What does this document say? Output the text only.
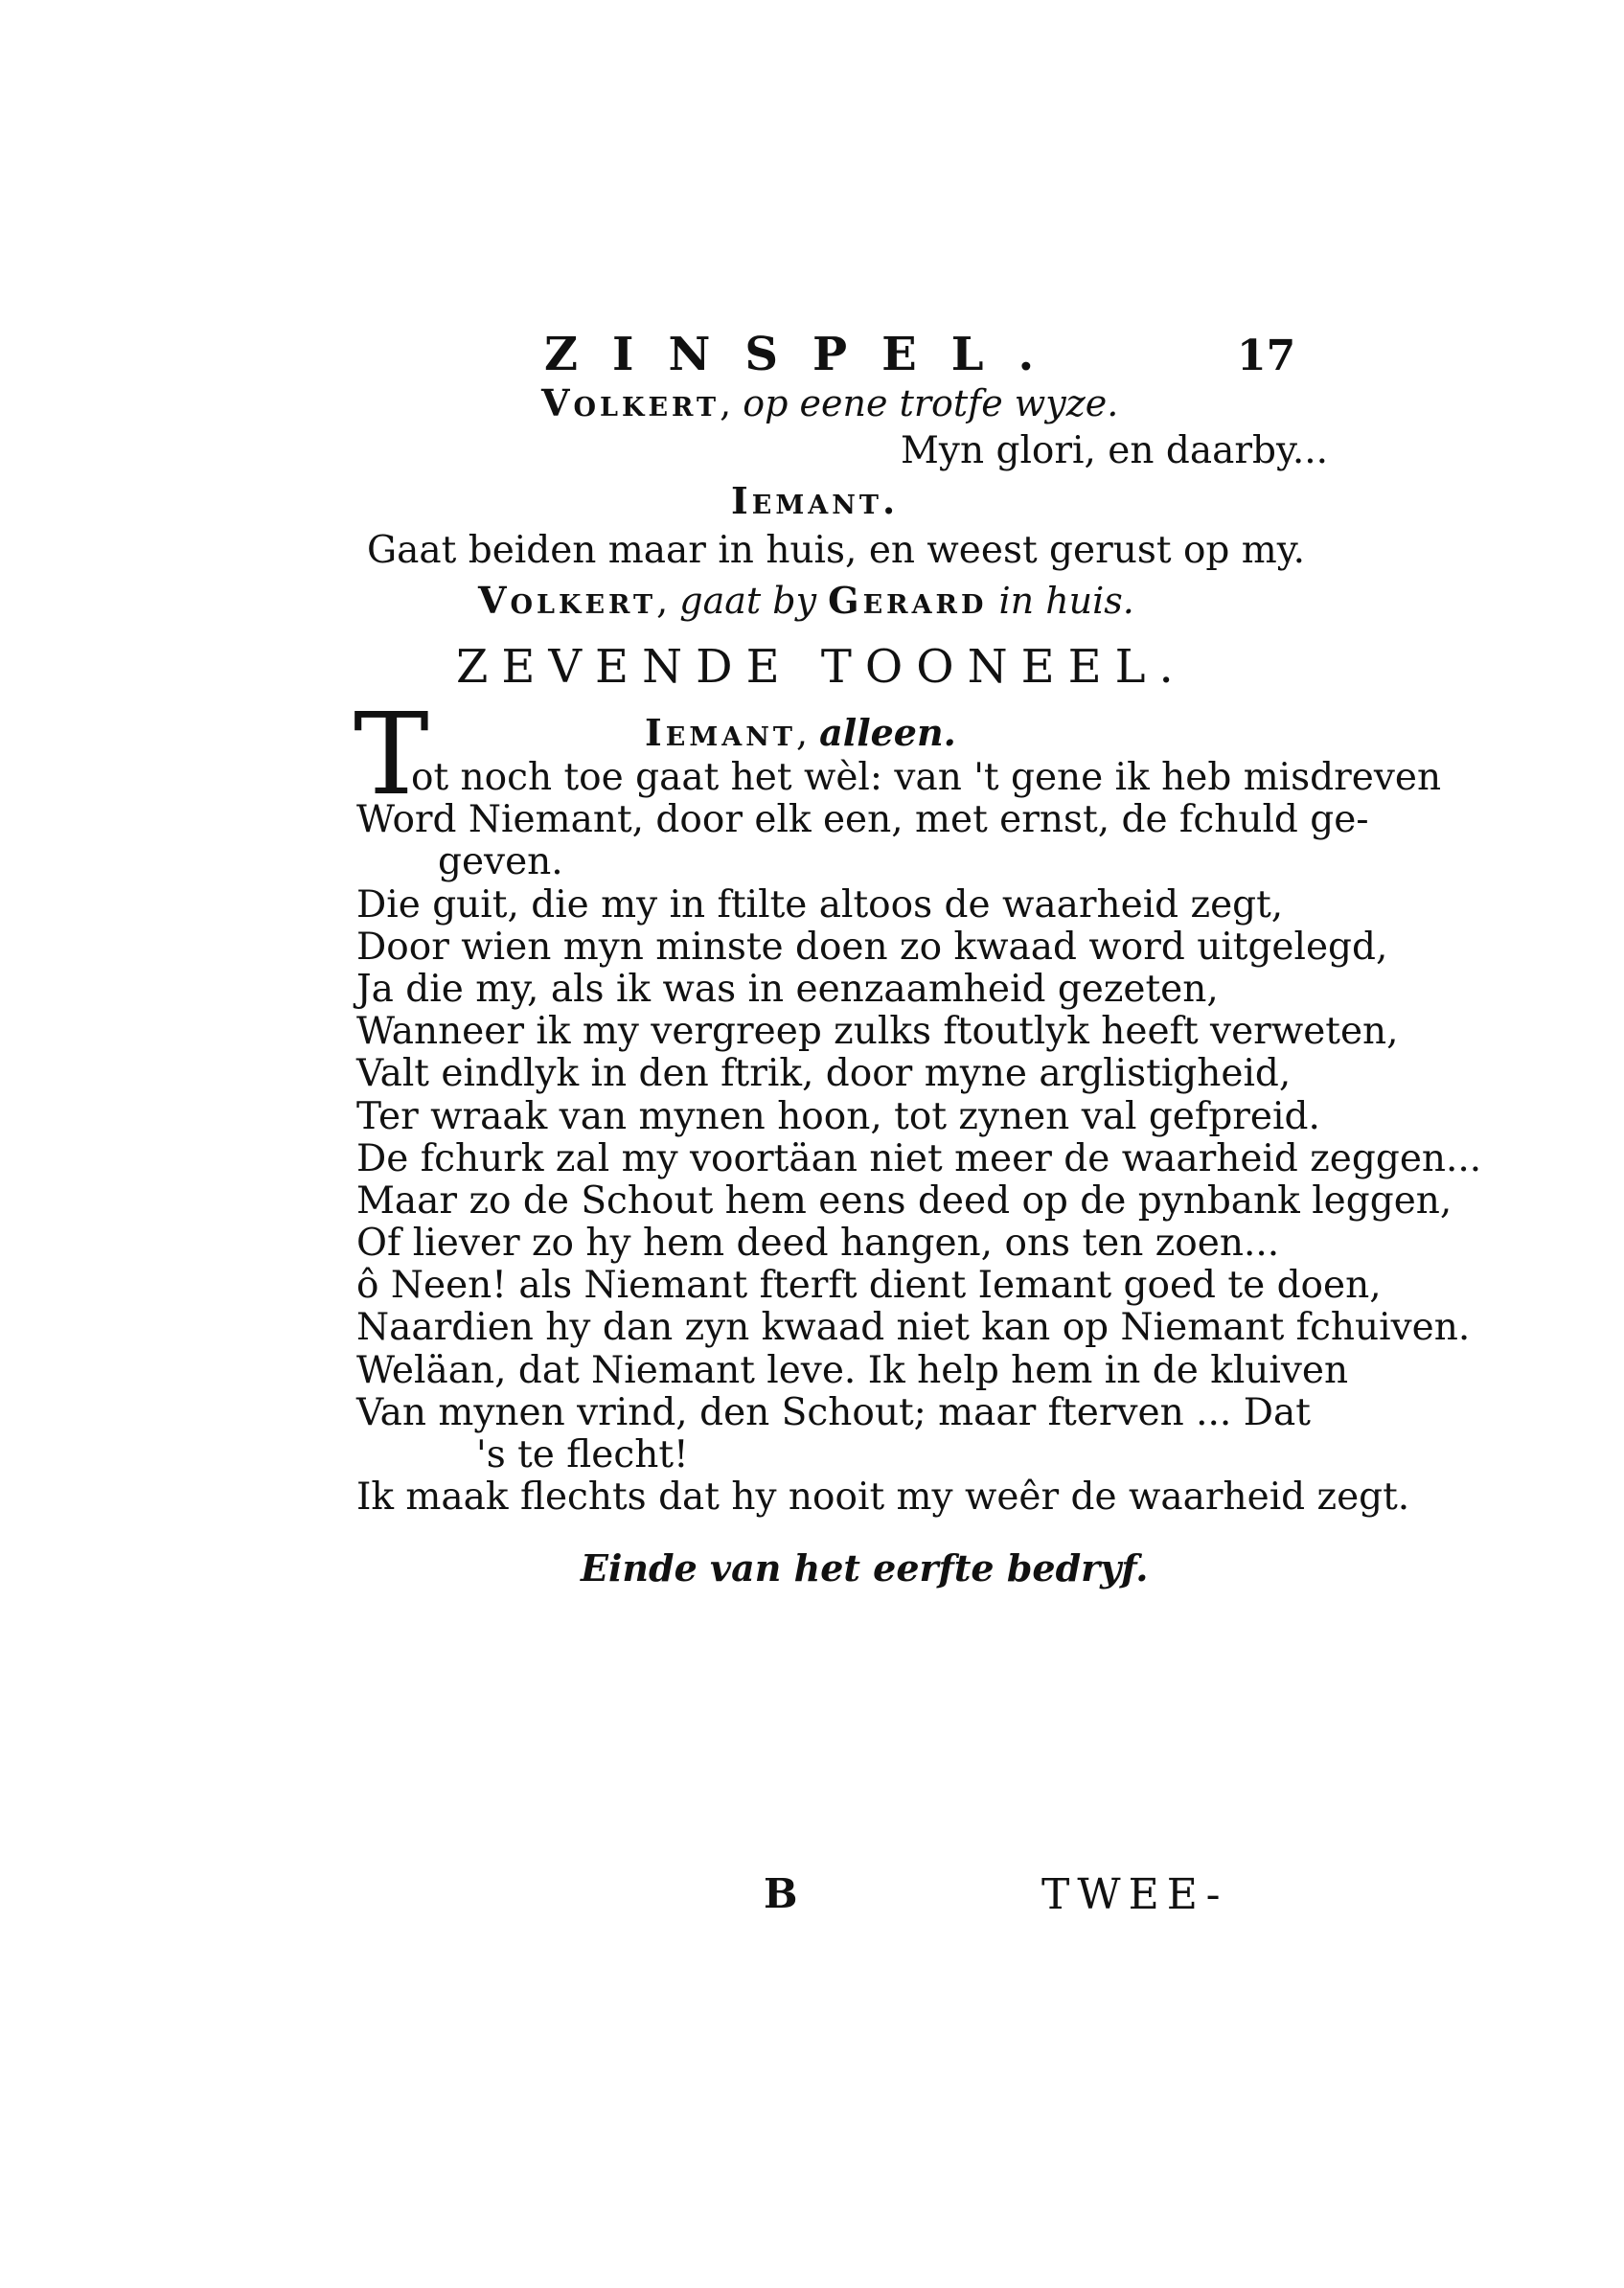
ZINSPEL.	17
Volkert, op eene trotfe wyze.
Myn glori, en daarby...
Iemant.
Gaat beiden maar in huis, en weest gerust op my.
Volkert, gaat by Gerard in huis.
ZEVENDE TOONEEL.
T	Iemant, alleen.
ot noch toe gaat het wèl: van 't gene ik heb misdreven
Word Niemant, door elk een, met ernst, de fchuld ge-
geven.
Die guit, die my in ftilte altoos de waarheid zegt,
Door wien myn minste doen zo kwaad word uitgelegd,
Ja die my, als ik was in eenzaamheid gezeten,
Wanneer ik my vergreep zulks ftoutlyk heeft verweten,
Valt eindlyk in den ftrik, door myne arglistigheid,
Ter wraak van mynen hoon, tot zynen val gefpreid.
De fchurk zal my voortäan niet meer de waarheid zeggen...
Maar zo de Schout hem eens deed op de pynbank leggen,
Of liever zo hy hem deed hangen, ons ten zoen...
ô Neen! als Niemant fterft dient Iemant goed te doen,
Naardien hy dan zyn kwaad niet kan op Niemant fchuiven.
Weläan, dat Niemant leve. Ik help hem in de kluiven
Van mynen vrind, den Schout; maar fterven ... Dat
's te flecht!
Ik maak flechts dat hy nooit my weêr de waarheid zegt.
Einde van het eerfte bedryf.
B	TWEE-
